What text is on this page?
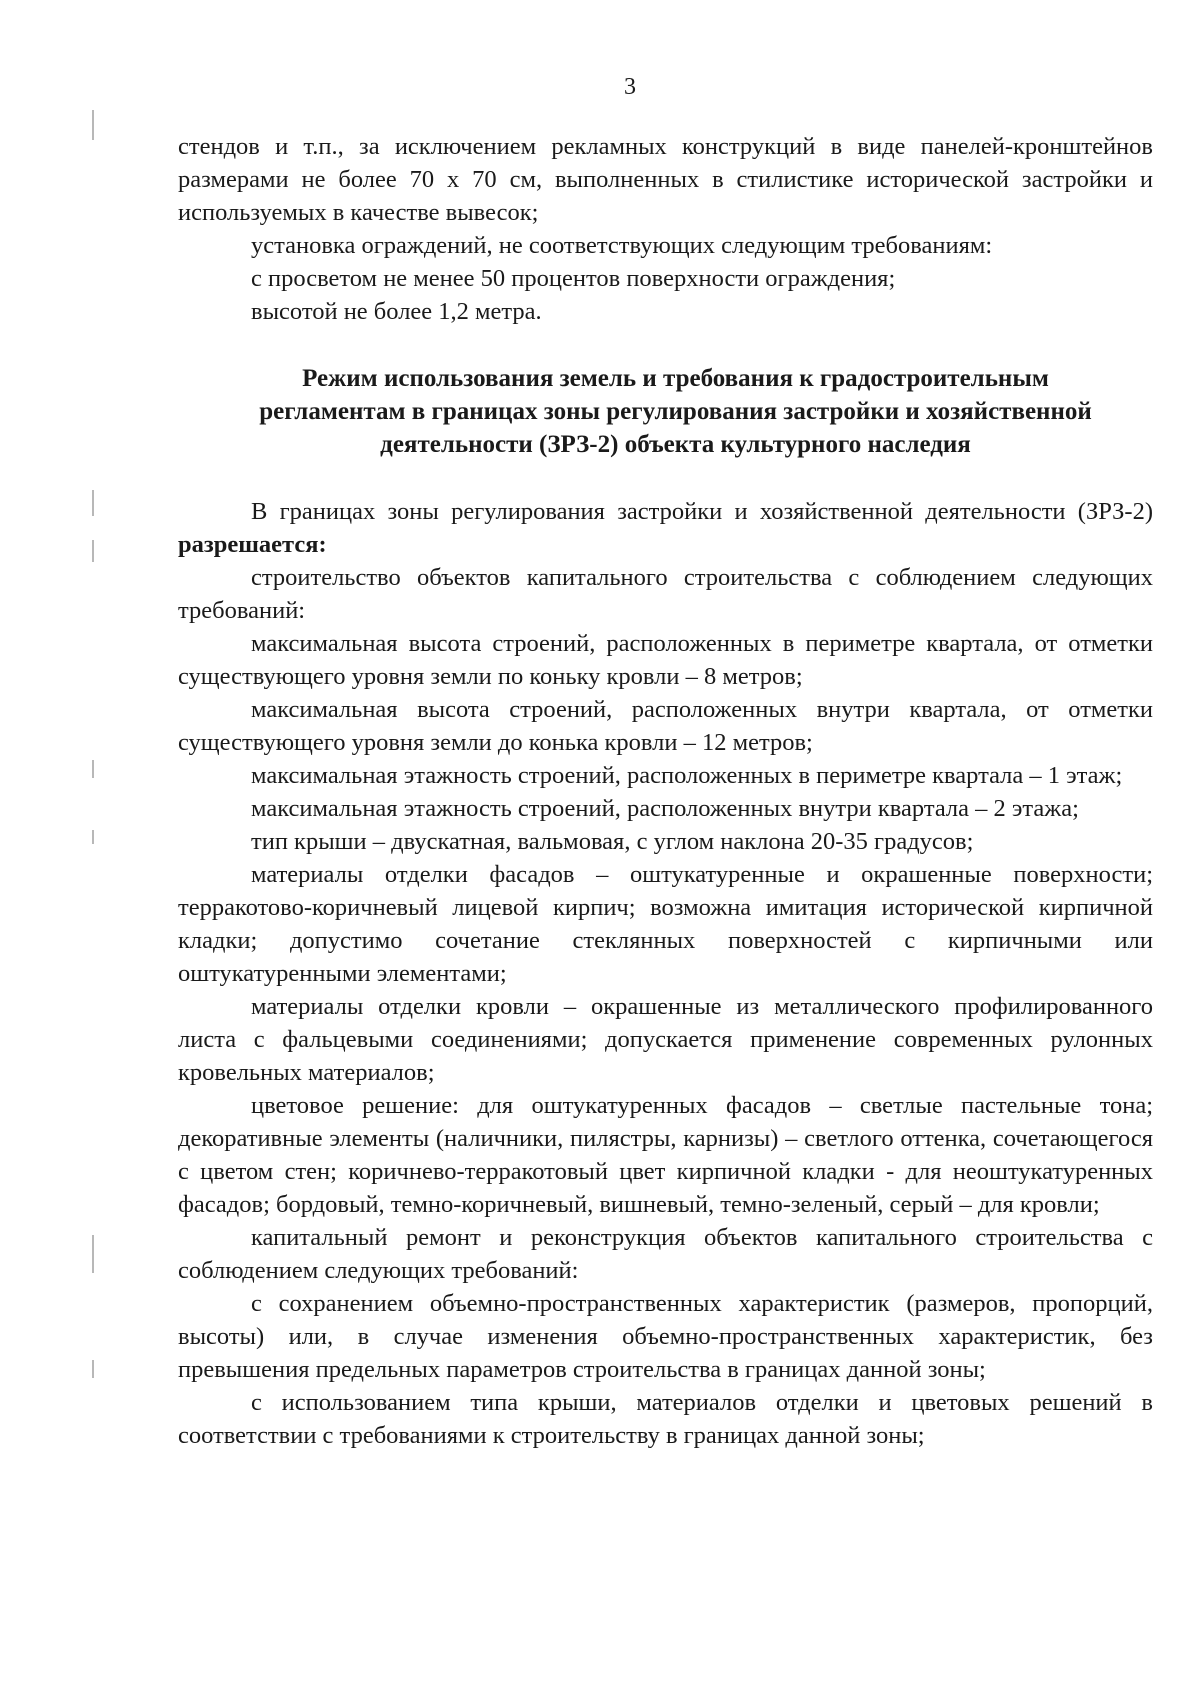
3

стендов и т.п., за исключением рекламных конструкций в виде панелей-кронштейнов размерами не более 70 х 70 см, выполненных в стилистике исторической застройки и используемых в качестве вывесок;

установка ограждений, не соответствующих следующим требованиям:

с просветом не менее 50 процентов поверхности ограждения;

высотой не более 1,2 метра.

Режим использования земель и требования к градостроительным

регламентам в границах зоны регулирования застройки и хозяйственной

деятельности (ЗРЗ-2) объекта культурного наследия

В границах зоны регулирования застройки и хозяйственной деятельности (ЗРЗ-2) разрешается:

строительство объектов капитального строительства с соблюдением следующих требований:

максимальная высота строений, расположенных в периметре квартала, от отметки существующего уровня земли по коньку кровли – 8 метров;

максимальная высота строений, расположенных внутри квартала, от отметки существующего уровня земли до конька кровли – 12 метров;

максимальная этажность строений, расположенных в периметре квартала – 1 этаж;

максимальная этажность строений, расположенных внутри квартала – 2 этажа;

тип крыши – двускатная, вальмовая, с углом наклона 20-35 градусов;

материалы отделки фасадов – оштукатуренные и окрашенные поверхности; терракотово-коричневый лицевой кирпич; возможна имитация исторической кирпичной кладки; допустимо сочетание стеклянных поверхностей с кирпичными или оштукатуренными элементами;

материалы отделки кровли – окрашенные из металлического профилированного листа с фальцевыми соединениями; допускается применение современных рулонных кровельных материалов;

цветовое решение: для оштукатуренных фасадов – светлые пастельные тона; декоративные элементы (наличники, пилястры, карнизы) – светлого оттенка, сочетающегося с цветом стен; коричнево-терракотовый цвет кирпичной кладки - для неоштукатуренных фасадов; бордовый, темно-коричневый, вишневый, темно-зеленый, серый – для кровли;

капитальный ремонт и реконструкция объектов капитального строительства с соблюдением следующих требований:

с сохранением объемно-пространственных характеристик (размеров, пропорций, высоты) или, в случае изменения объемно-пространственных характеристик, без превышения предельных параметров строительства в границах данной зоны;

с использованием типа крыши, материалов отделки и цветовых решений в соответствии с требованиями к строительству в границах данной зоны;
